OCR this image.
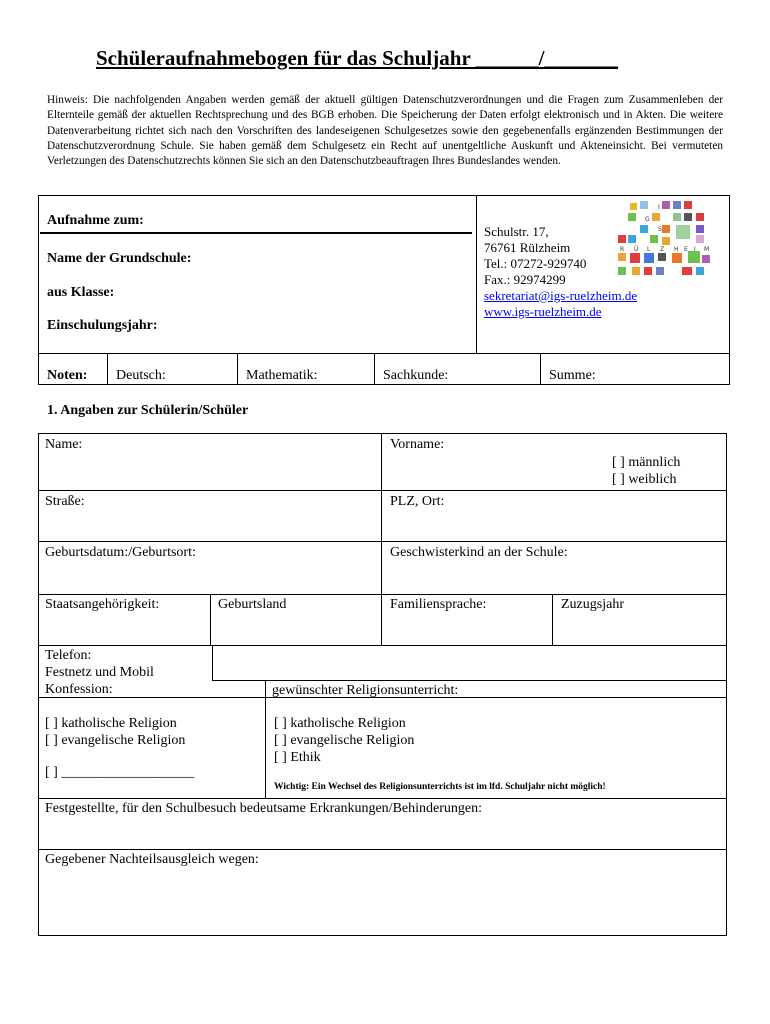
Schüleraufnahmebogen für das Schuljahr ______/_______
Hinweis: Die nachfolgenden Angaben werden gemäß der aktuell gültigen Datenschutzverordnungen und die Fragen zum Zusammenleben der Elternteile gemäß der aktuellen Rechtsprechung und des BGB erhoben. Die Speicherung der Daten erfolgt elektronisch und in Akten. Die weitere Datenverarbeitung richtet sich nach den Vorschriften des landeseigenen Schulgesetzes sowie den gegebenenfalls ergänzenden Bestimmungen der Datenschutzverordnung Schule. Sie haben gemäß dem Schulgesetz ein Recht auf unentgeltliche Auskunft und Akteneinsicht. Bei vermuteten Verletzungen des Datenschutzrechts können Sie sich an den Datenschutzbeauftragen Ihres Bundeslandes wenden.
Aufnahme zum:
Name der Grundschule:
aus Klasse:
Einschulungsjahr:
Schulstr. 17,
76761 Rülzheim
Tel.: 07272-929740
Fax.: 92974299
sekretariat@igs-ruelzheim.de
www.igs-ruelzheim.de
I
G
S
R Ü L Z H E I M
Noten: Deutsch:	Mathematik:	Sachkunde:	Summe:
1. Angaben zur Schülerin/Schüler
Name:	Vorname:
[ ] männlich
[ ] weiblich
Straße:	PLZ, Ort:
Geburtsdatum:/Geburtsort:	Geschwisterkind an der Schule:
Staatsangehörigkeit:	Geburtsland	Familiensprache:	Zuzugsjahr
Telefon:
Festnetz und Mobil
Konfession:	gewünschter Religionsunterricht:
[ ] katholische Religion
[ ] evangelische Religion
[ ] ___________________
[ ] katholische Religion
[ ] evangelische Religion
[ ] Ethik
Wichtig: Ein Wechsel des Religionsunterrichts ist im lfd. Schuljahr nicht möglich!
Festgestellte, für den Schulbesuch bedeutsame Erkrankungen/Behinderungen:
Gegebener Nachteilsausgleich wegen:
